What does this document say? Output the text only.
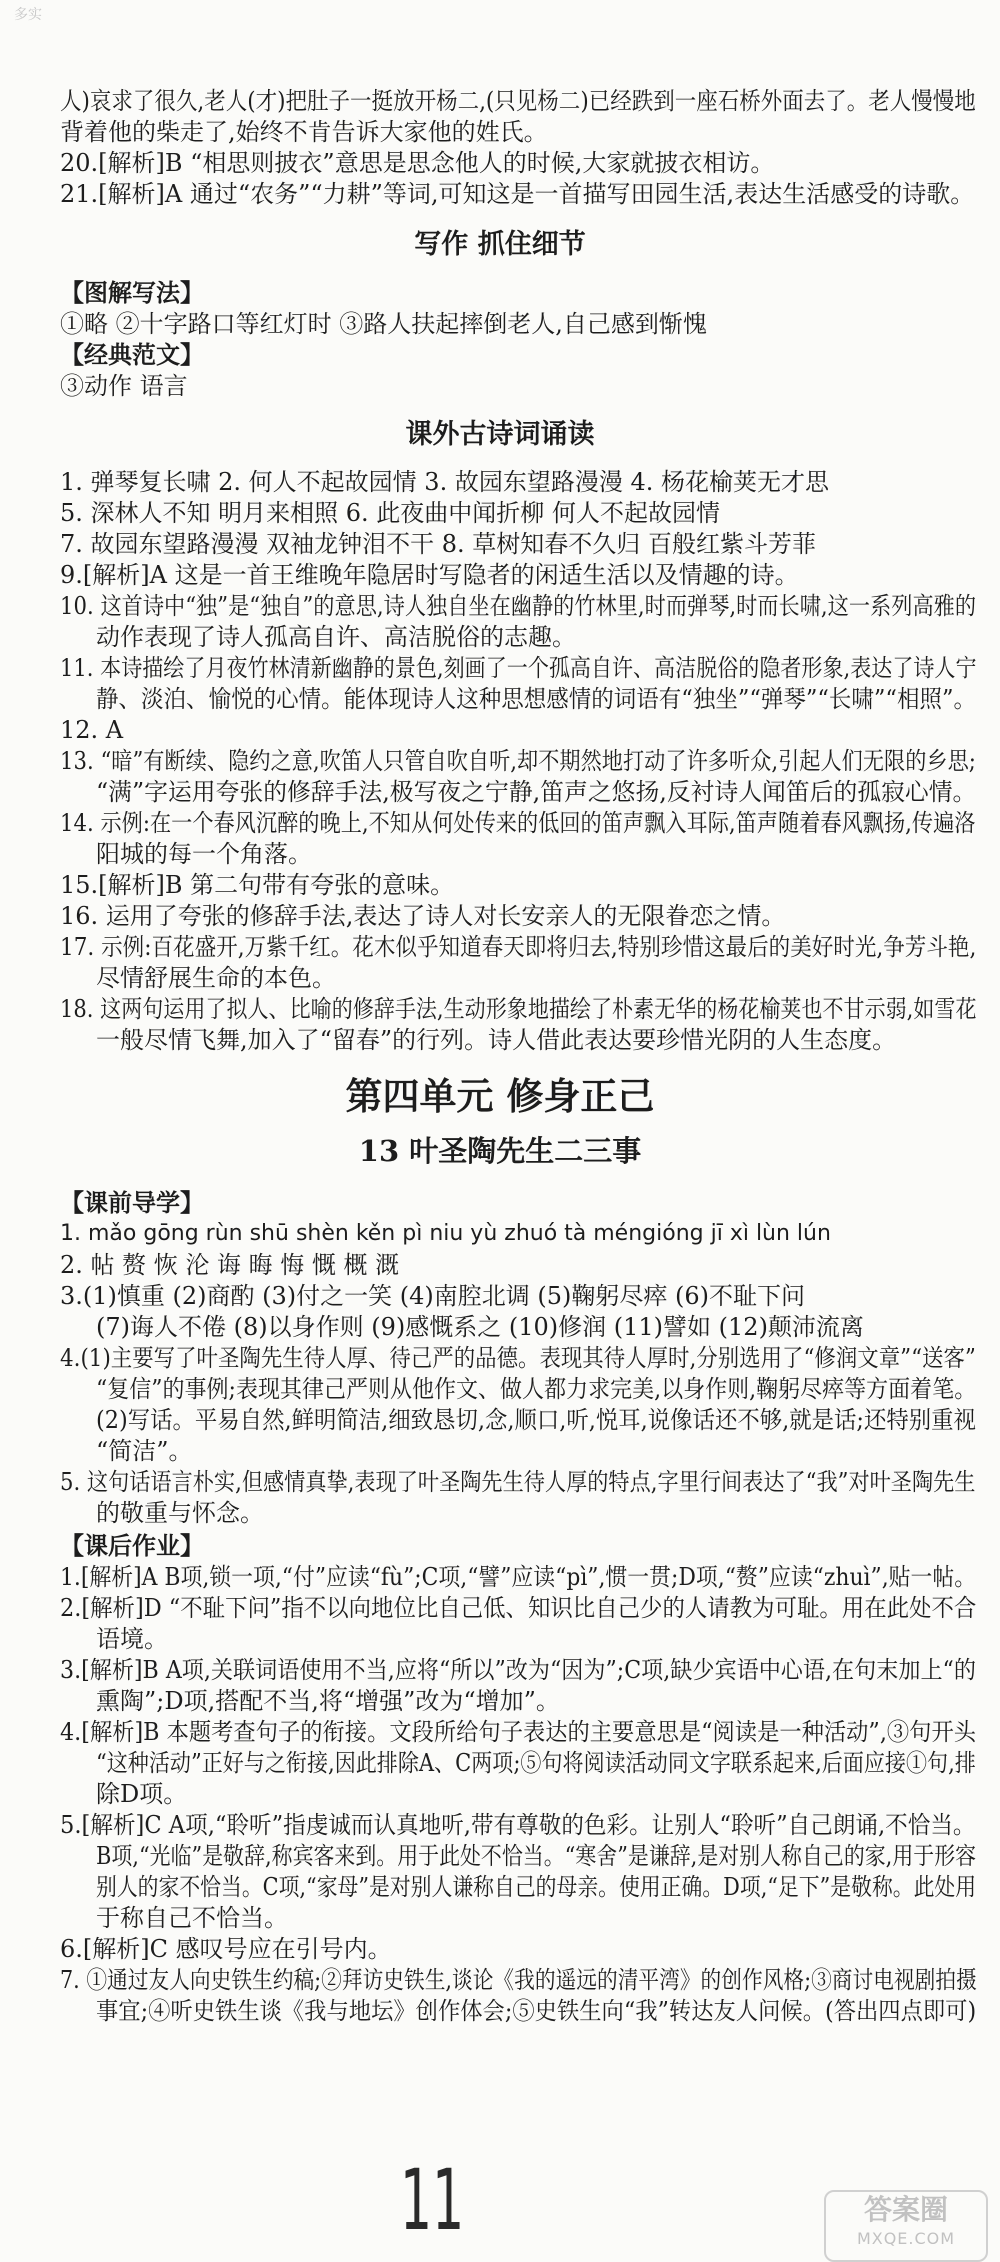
多实
人)哀求了很久,老人(才)把肚子一挺放开杨二,(只见杨二)已经跌到一座石桥外面去了。老人慢慢地
背着他的柴走了,始终不肯告诉大家他的姓氏。
20.[解析]B “相思则披衣”意思是思念他人的时候,大家就披衣相访。
21.[解析]A 通过“农务”“力耕”等词,可知这是一首描写田园生活,表达生活感受的诗歌。
写作 抓住细节
【图解写法】
①略 ②十字路口等红灯时 ③路人扶起摔倒老人,自己感到惭愧
【经典范文】
③动作 语言
课外古诗词诵读
1. 弹琴复长啸 2. 何人不起故园情 3. 故园东望路漫漫 4. 杨花榆荚无才思
5. 深林人不知 明月来相照 6. 此夜曲中闻折柳 何人不起故园情
7. 故园东望路漫漫 双袖龙钟泪不干 8. 草树知春不久归 百般红紫斗芳菲
9.[解析]A 这是一首王维晚年隐居时写隐者的闲适生活以及情趣的诗。
10. 这首诗中“独”是“独自”的意思,诗人独自坐在幽静的竹林里,时而弹琴,时而长啸,这一系列高雅的
动作表现了诗人孤高自许、高洁脱俗的志趣。
11. 本诗描绘了月夜竹林清新幽静的景色,刻画了一个孤高自许、高洁脱俗的隐者形象,表达了诗人宁
静、淡泊、愉悦的心情。能体现诗人这种思想感情的词语有“独坐”“弹琴”“长啸”“相照”。
12. A
13. “暗”有断续、隐约之意,吹笛人只管自吹自听,却不期然地打动了许多听众,引起人们无限的乡思;
“满”字运用夸张的修辞手法,极写夜之宁静,笛声之悠扬,反衬诗人闻笛后的孤寂心情。
14. 示例:在一个春风沉醉的晚上,不知从何处传来的低回的笛声飘入耳际,笛声随着春风飘扬,传遍洛
阳城的每一个角落。
15.[解析]B 第二句带有夸张的意味。
16. 运用了夸张的修辞手法,表达了诗人对长安亲人的无限眷恋之情。
17. 示例:百花盛开,万紫千红。花木似乎知道春天即将归去,特别珍惜这最后的美好时光,争芳斗艳,
尽情舒展生命的本色。
18. 这两句运用了拟人、比喻的修辞手法,生动形象地描绘了朴素无华的杨花榆荚也不甘示弱,如雪花
一般尽情飞舞,加入了“留春”的行列。诗人借此表达要珍惜光阴的人生态度。
第四单元 修身正己
13 叶圣陶先生二三事
【课前导学】
1. mǎo gōng rùn shū shèn kěn pì niu yù zhuó tà méngióng jī xì lùn lún
2. 帖 赘 恢 沦 诲 晦 悔 慨 概 溉
3.(1)慎重 (2)商酌 (3)付之一笑 (4)南腔北调 (5)鞠躬尽瘁 (6)不耻下问
(7)诲人不倦 (8)以身作则 (9)感慨系之 (10)修润 (11)譬如 (12)颠沛流离
4.(1)主要写了叶圣陶先生待人厚、待己严的品德。表现其待人厚时,分别选用了“修润文章”“送客”
“复信”的事例;表现其律己严则从他作文、做人都力求完美,以身作则,鞠躬尽瘁等方面着笔。
(2)写话。平易自然,鲜明简洁,细致恳切,念,顺口,听,悦耳,说像话还不够,就是话;还特别重视
“简洁”。
5. 这句话语言朴实,但感情真挚,表现了叶圣陶先生待人厚的特点,字里行间表达了“我”对叶圣陶先生
的敬重与怀念。
【课后作业】
1.[解析]A B项,锁一项,“付”应读“fù”;C项,“譬”应读“pì”,惯一贯;D项,“赘”应读“zhuì”,贴一帖。
2.[解析]D “不耻下问”指不以向地位比自己低、知识比自己少的人请教为可耻。用在此处不合
语境。
3.[解析]B A项,关联词语使用不当,应将“所以”改为“因为”;C项,缺少宾语中心语,在句末加上“的
熏陶”;D项,搭配不当,将“增强”改为“增加”。
4.[解析]B 本题考查句子的衔接。文段所给句子表达的主要意思是“阅读是一种活动”,③句开头
“这种活动”正好与之衔接,因此排除A、C两项;⑤句将阅读活动同文字联系起来,后面应接①句,排
除D项。
5.[解析]C A项,“聆听”指虔诚而认真地听,带有尊敬的色彩。让别人“聆听”自己朗诵,不恰当。
B项,“光临”是敬辞,称宾客来到。用于此处不恰当。“寒舍”是谦辞,是对别人称自己的家,用于形容
别人的家不恰当。C项,“家母”是对别人谦称自己的母亲。使用正确。D项,“足下”是敬称。此处用
于称自己不恰当。
6.[解析]C 感叹号应在引号内。
7. ①通过友人向史铁生约稿;②拜访史铁生,谈论《我的遥远的清平湾》的创作风格;③商讨电视剧拍摄
事宜;④听史铁生谈《我与地坛》创作体会;⑤史铁生向“我”转达友人问候。(答出四点即可)
11	答案圈
MXQE.COM
